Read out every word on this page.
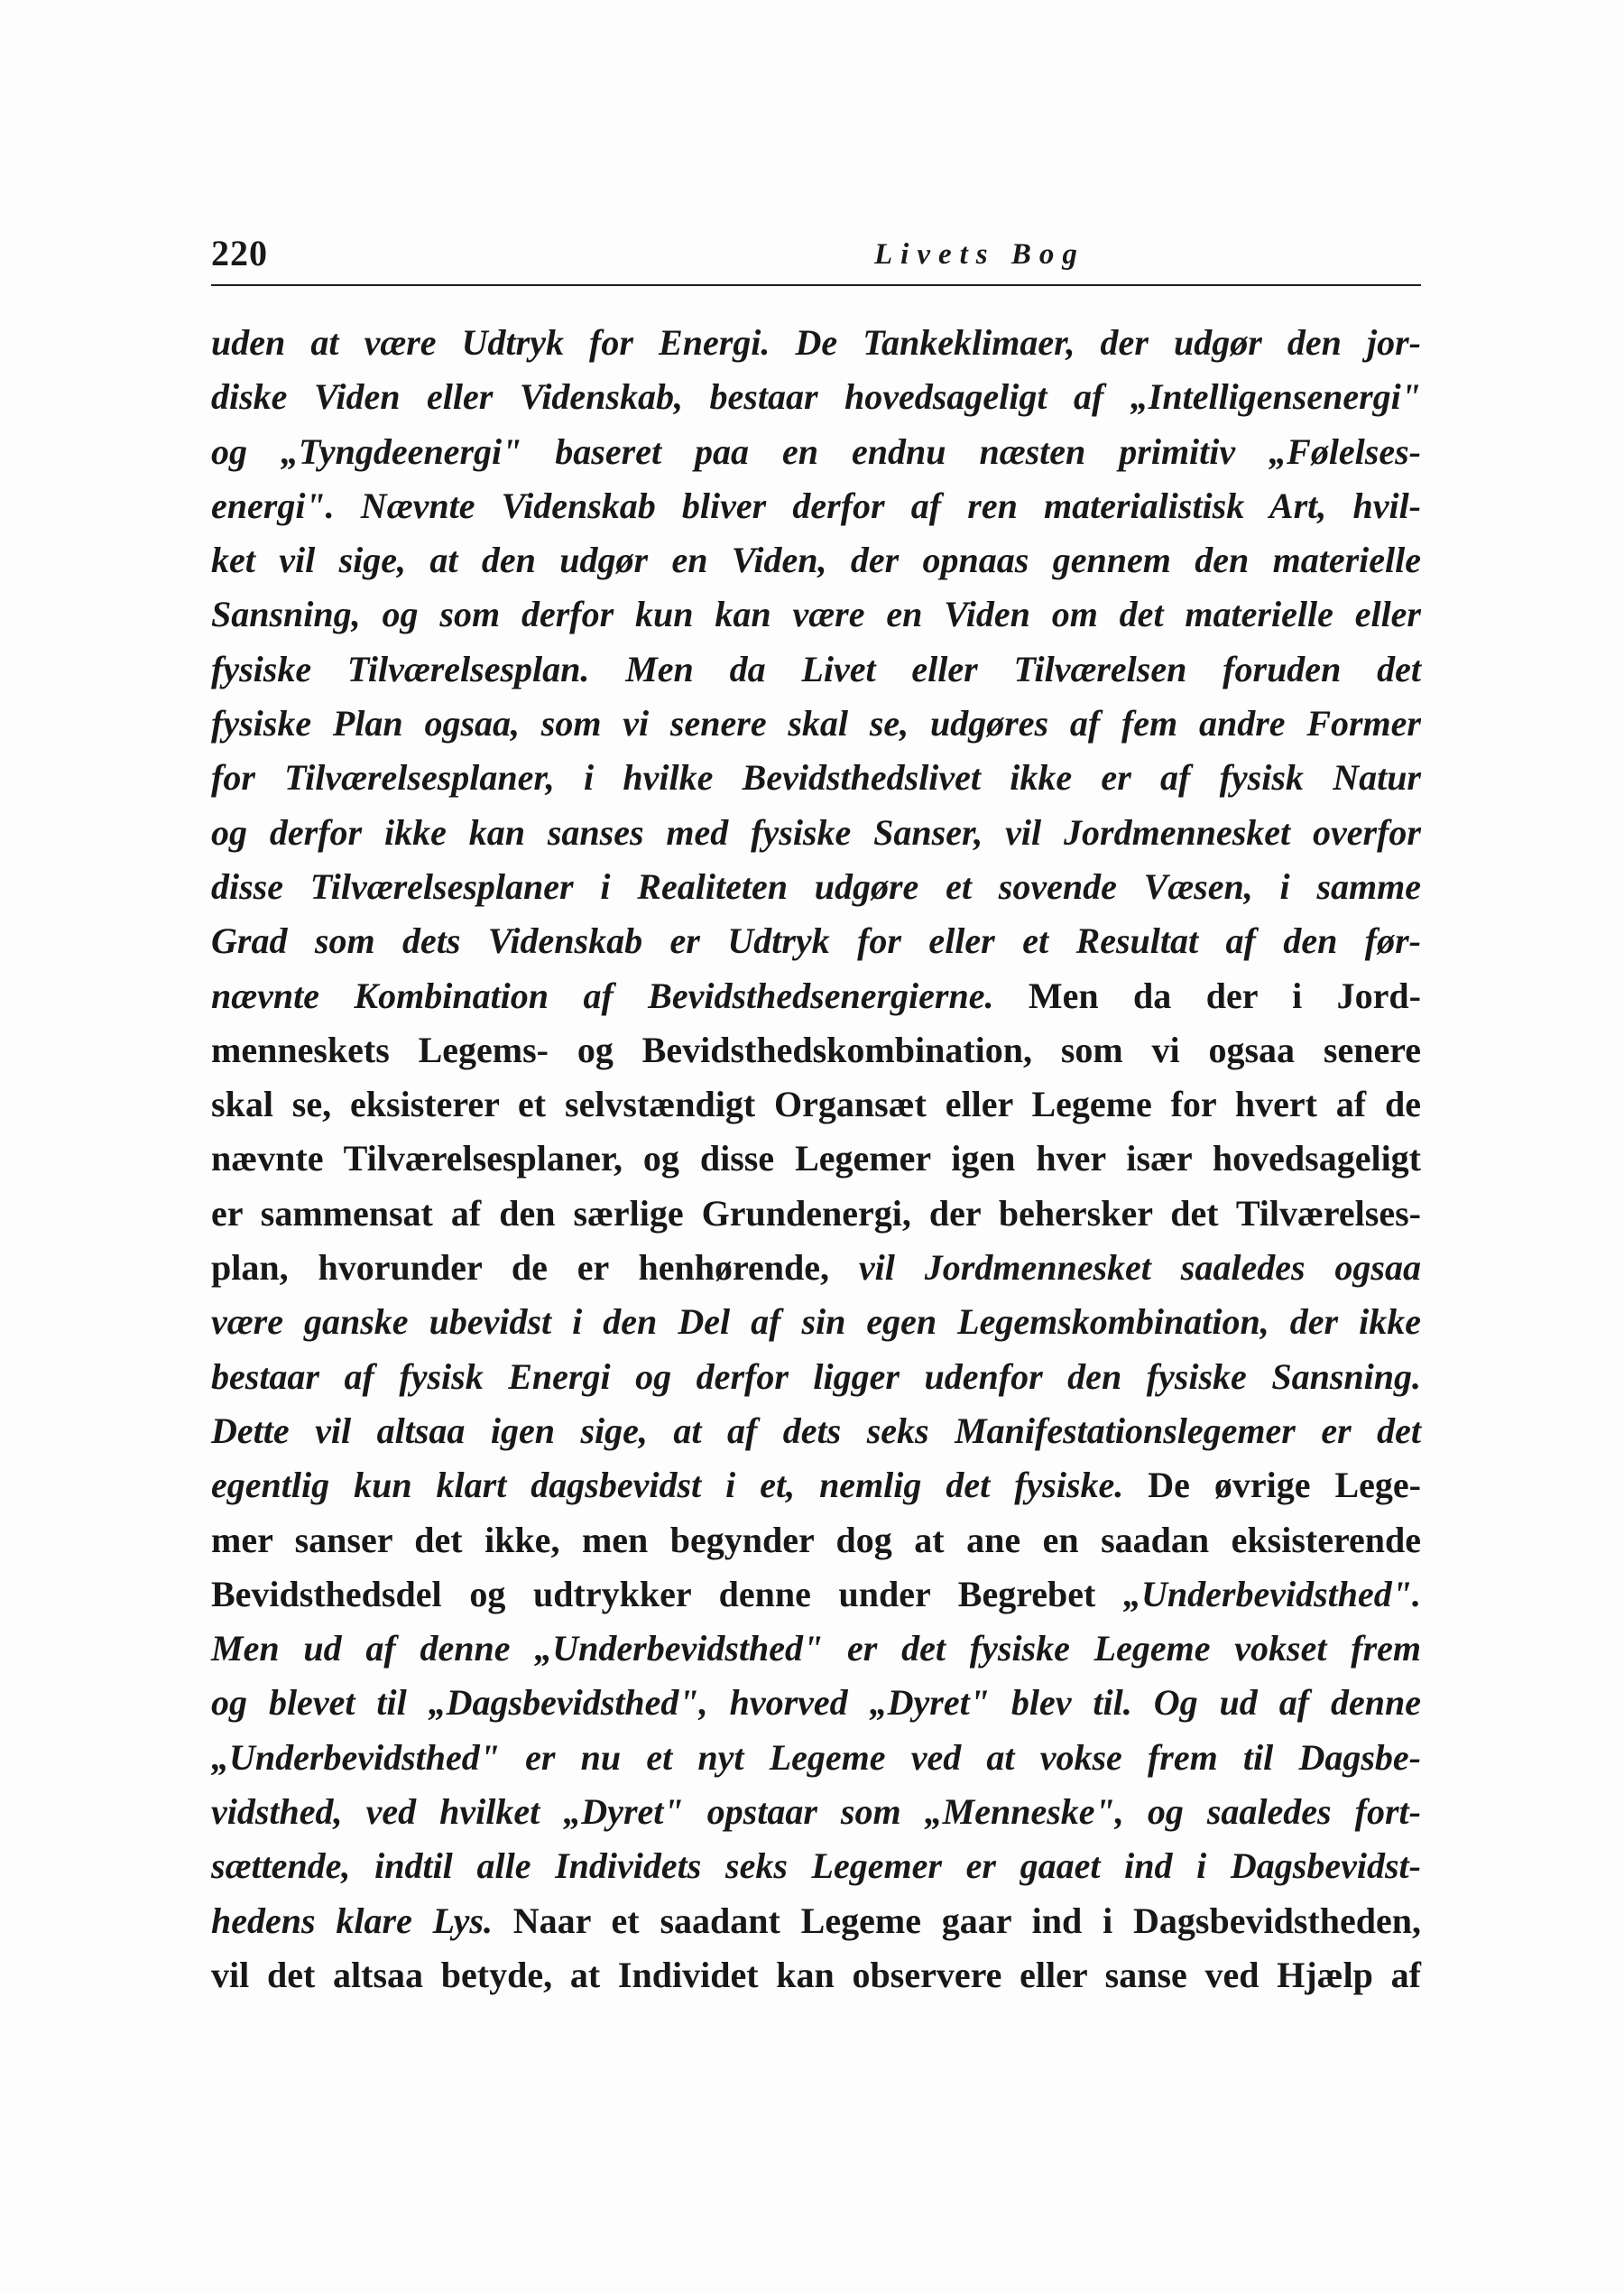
220	Livets Bog
uden at være Udtryk for Energi. De Tankeklimaer, der udgør den jor-
diske Viden eller Videnskab, bestaar hovedsageligt af „Intelligensenergi"
og „Tyngdeenergi" baseret paa en endnu næsten primitiv „Følelses-
energi". Nævnte Videnskab bliver derfor af ren materialistisk Art, hvil-
ket vil sige, at den udgør en Viden, der opnaas gennem den materielle
Sansning, og som derfor kun kan være en Viden om det materielle eller
fysiske Tilværelsesplan. Men da Livet eller Tilværelsen foruden det
fysiske Plan ogsaa, som vi senere skal se, udgøres af fem andre Former
for Tilværelsesplaner, i hvilke Bevidsthedslivet ikke er af fysisk Natur
og derfor ikke kan sanses med fysiske Sanser, vil Jordmennesket overfor
disse Tilværelsesplaner i Realiteten udgøre et sovende Væsen, i samme
Grad som dets Videnskab er Udtryk for eller et Resultat af den før-
nævnte Kombination af Bevidsthedsenergierne. Men da der i Jord-
menneskets Legems- og Bevidsthedskombination, som vi ogsaa senere
skal se, eksisterer et selvstændigt Organsæt eller Legeme for hvert af de
nævnte Tilværelsesplaner, og disse Legemer igen hver især hovedsageligt
er sammensat af den særlige Grundenergi, der behersker det Tilværelses-
plan, hvorunder de er henhørende, vil Jordmennesket saaledes ogsaa
være ganske ubevidst i den Del af sin egen Legemskombination, der ikke
bestaar af fysisk Energi og derfor ligger udenfor den fysiske Sansning.
Dette vil altsaa igen sige, at af dets seks Manifestationslegemer er det
egentlig kun klart dagsbevidst i et, nemlig det fysiske. De øvrige Lege-
mer sanser det ikke, men begynder dog at ane en saadan eksisterende
Bevidsthedsdel og udtrykker denne under Begrebet „Underbevidsthed".
Men ud af denne „Underbevidsthed" er det fysiske Legeme vokset frem
og blevet til „Dagsbevidsthed", hvorved „Dyret" blev til. Og ud af denne
„Underbevidsthed" er nu et nyt Legeme ved at vokse frem til Dagsbe-
vidsthed, ved hvilket „Dyret" opstaar som „Menneske", og saaledes fort-
sættende, indtil alle Individets seks Legemer er gaaet ind i Dagsbevidst-
hedens klare Lys. Naar et saadant Legeme gaar ind i Dagsbevidstheden,
vil det altsaa betyde, at Individet kan observere eller sanse ved Hjælp af
